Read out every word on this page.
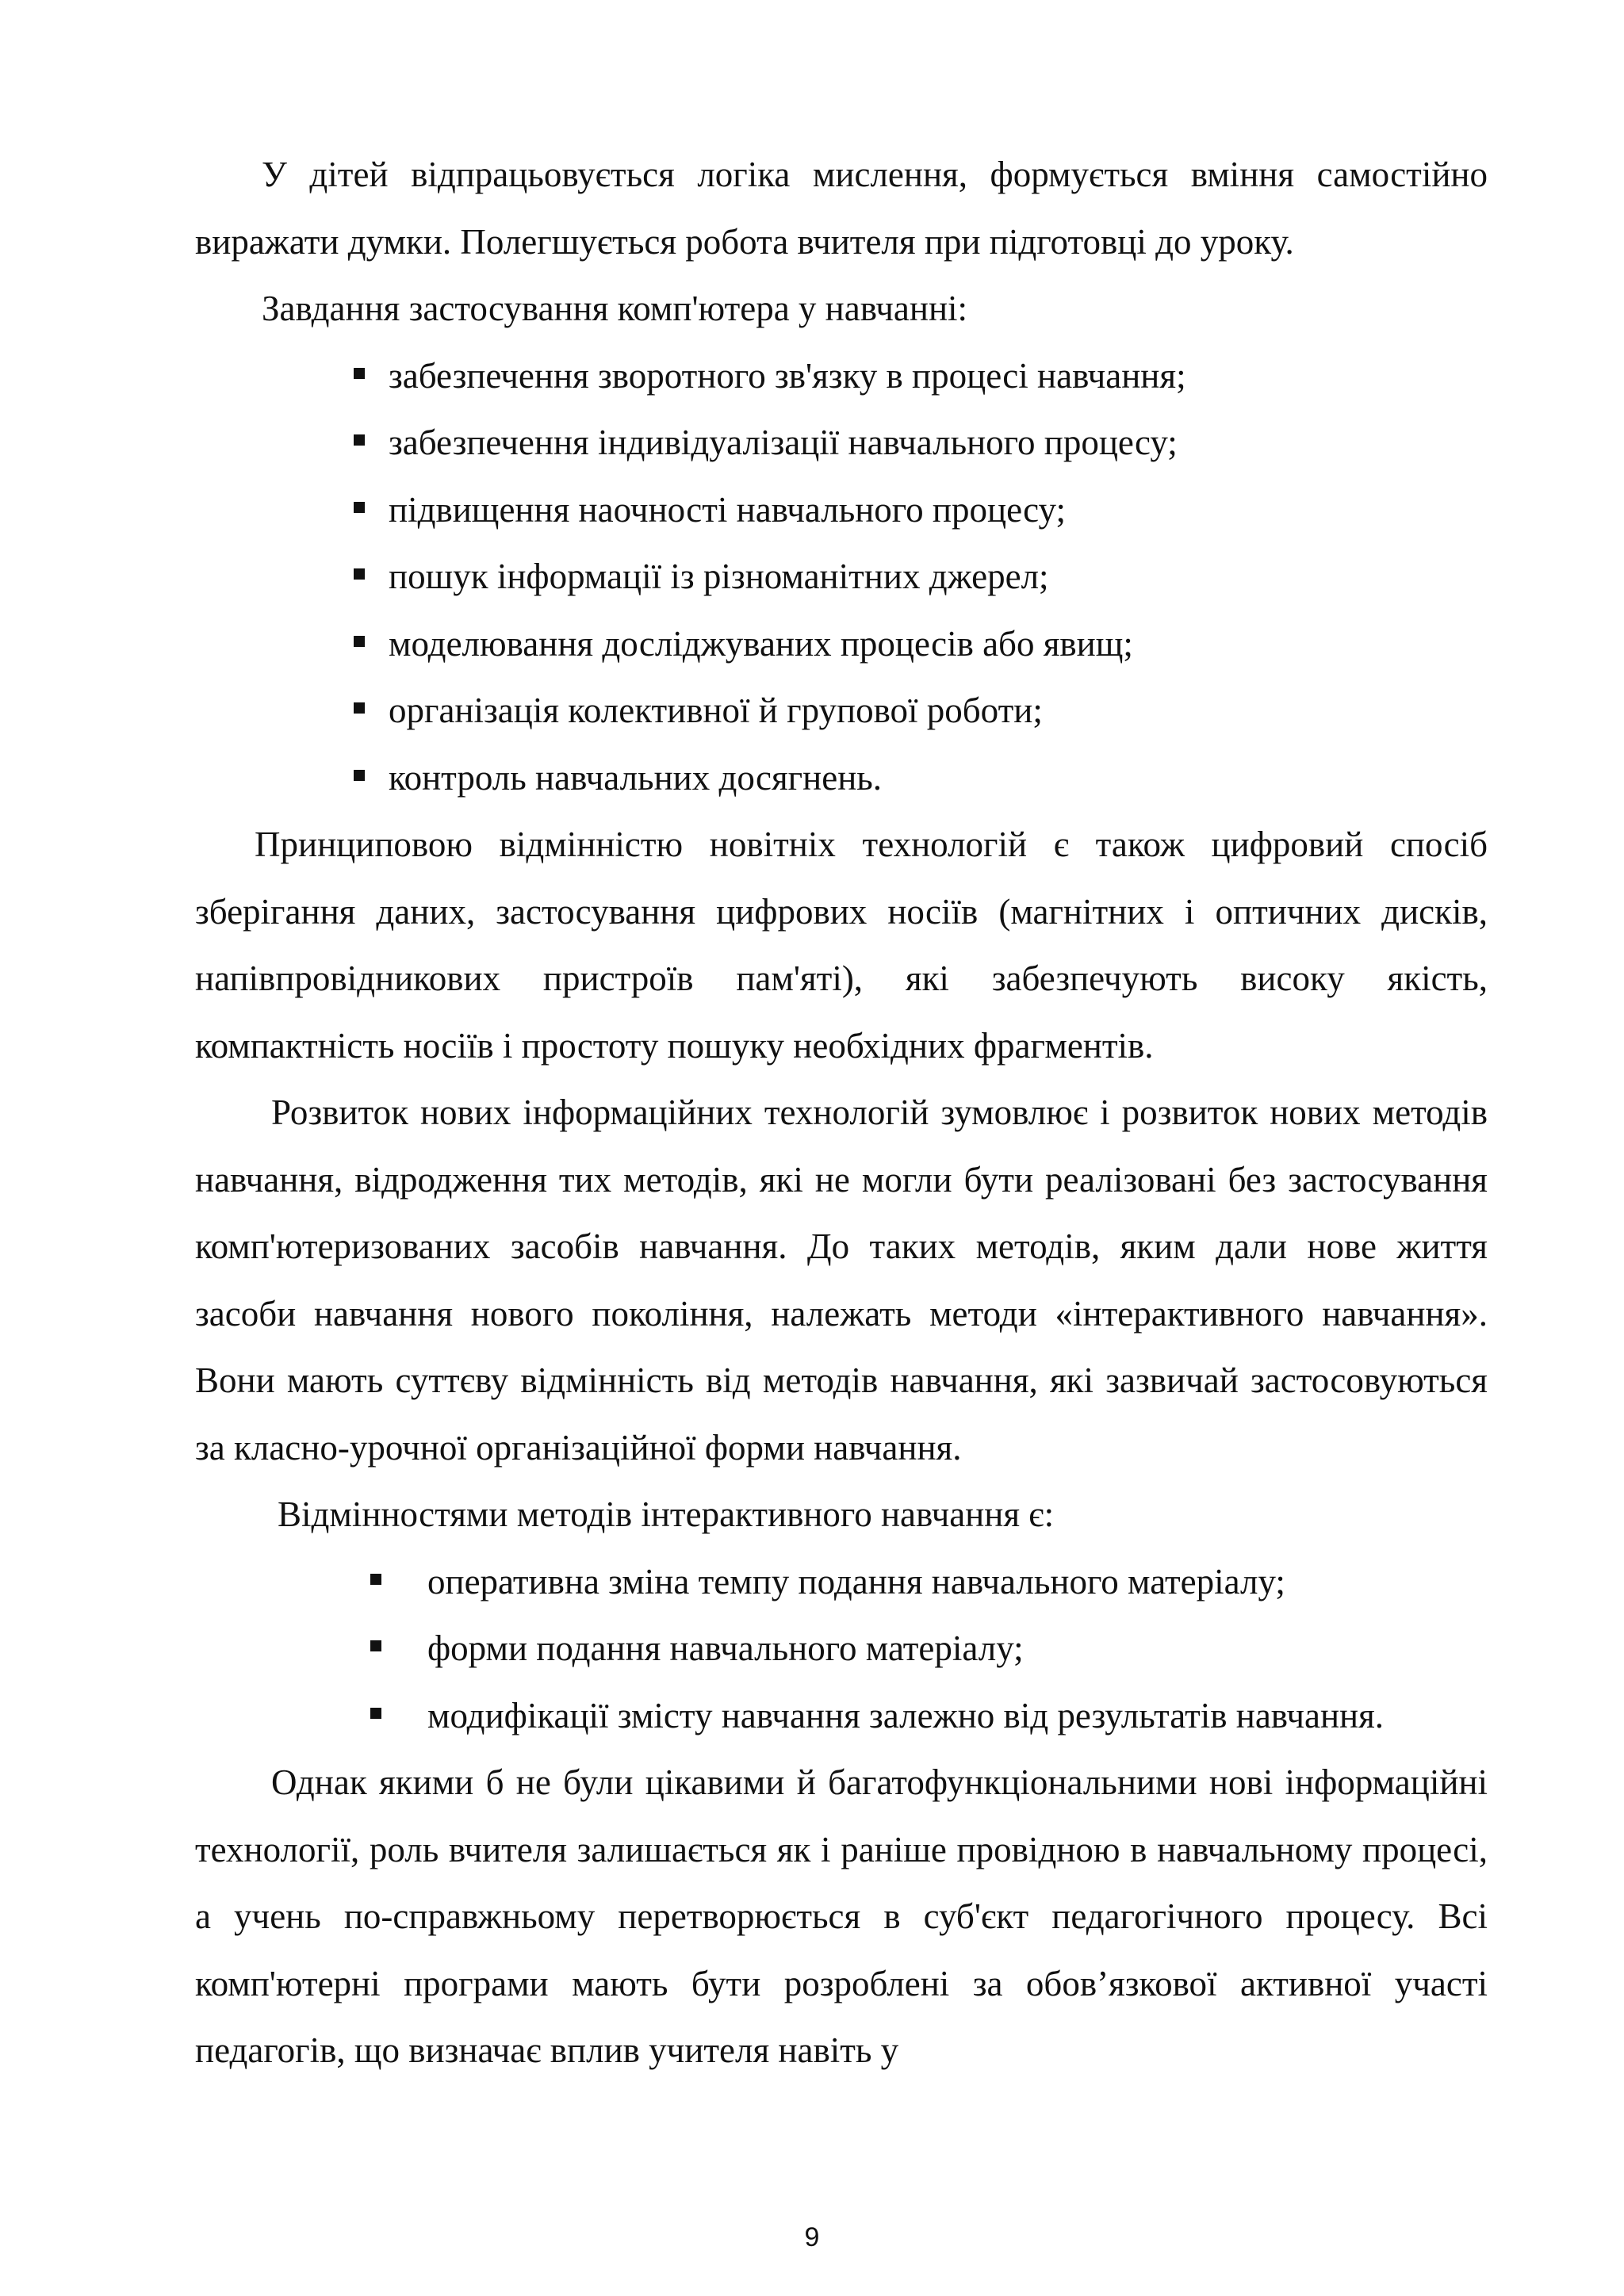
У дітей відпрацьовується логіка мислення, формується вміння самостійно виражати думки. Полегшується робота вчителя при підготовці до уроку.

Завдання застосування комп'ютера у навчанні:

забезпечення зворотного зв'язку в процесі навчання;
забезпечення індивідуалізації навчального процесу;
підвищення наочності навчального процесу;
пошук інформації із різноманітних джерел;
моделювання досліджуваних процесів або явищ;
організація колективної й групової роботи;
контроль навчальних досягнень.

Принциповою відмінністю новітніх технологій є також цифровий спосіб зберігання даних, застосування цифрових носіїв (магнітних і оптичних дисків, напівпровідникових пристроїв пам'яті), які забезпечують високу якість, компактність носіїв і простоту пошуку необхідних фрагментів.

Розвиток нових інформаційних технологій зумовлює і розвиток нових методів навчання, відродження тих методів, які не могли бути реалізовані без застосування комп'ютеризованих засобів навчання. До таких методів, яким дали нове життя засоби навчання нового покоління, належать методи «інтерактивного навчання». Вони мають суттєву відмінність від методів навчання, які зазвичай застосовуються за класно-урочної організаційної форми навчання.

Відмінностями методів інтерактивного навчання є:

оперативна зміна темпу подання навчального матеріалу;
форми подання навчального матеріалу;
модифікації змісту навчання залежно від результатів навчання.

Однак якими б не були цікавими й багатофункціональними нові інформаційні технології, роль вчителя залишається як і раніше провідною в навчальному процесі, а учень по-справжньому перетворюється в суб'єкт педагогічного процесу. Всі комп'ютерні програми мають бути розроблені за обов’язкової активної участі педагогів, що визначає вплив учителя навіть у

9
